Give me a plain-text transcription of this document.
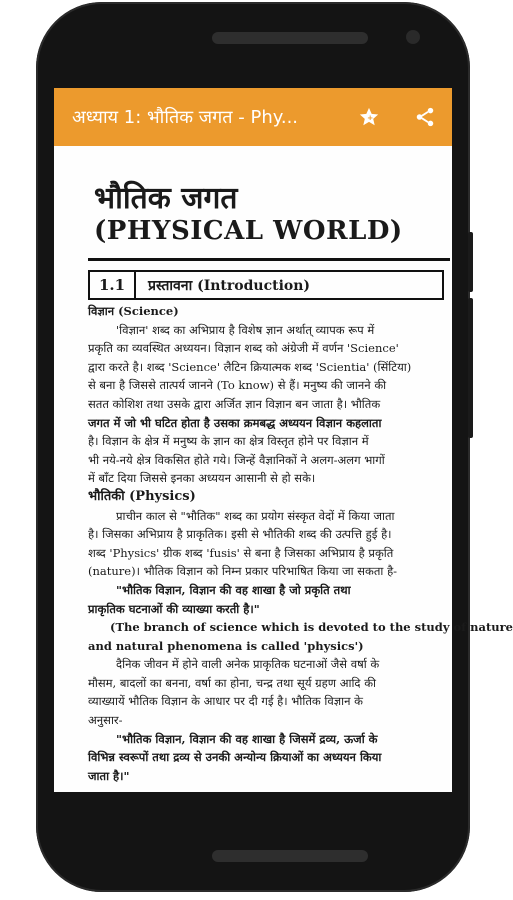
अध्याय 1: भौतिक जगत - Phy...	+
भौतिक जगत
(PHYSICAL WORLD)
1.1	प्रस्तावना (Introduction)

विज्ञान (Science)

'विज्ञान' शब्द का अभिप्राय है विशेष ज्ञान अर्थात् व्यापक रूप में

प्रकृति का व्यवस्थित अध्ययन। विज्ञान शब्द को अंग्रेजी में वर्णन 'Science'

द्वारा करते है। शब्द 'Science' लैटिन क्रियात्मक शब्द 'Scientia' (सिंटिया)

से बना है जिससे तात्पर्य जानने (To know) से हैं। मनुष्य की जानने की

सतत कोशिश तथा उसके द्वारा अर्जित ज्ञान विज्ञान बन जाता है। भौतिक

जगत में जो भी घटित होता है उसका क्रमबद्ध अध्ययन विज्ञान कहलाता

है। विज्ञान के क्षेत्र में मनुष्य के ज्ञान का क्षेत्र विस्तृत होने पर विज्ञान में

भी नये-नये क्षेत्र विकसित होते गये। जिन्हें वैज्ञानिकों ने अलग-अलग भागों

में बाँट दिया जिससे इनका अध्ययन आसानी से हो सके।

भौतिकी (Physics)

प्राचीन काल से "भौतिक" शब्द का प्रयोग संस्कृत वेदों में किया जाता

है। जिसका अभिप्राय है प्राकृतिक। इसी से भौतिकी शब्द की उत्पत्ति हुई है।

शब्द 'Physics' ग्रीक शब्द 'fusis' से बना है जिसका अभिप्राय है प्रकृति

(nature)। भौतिक विज्ञान को निम्न प्रकार परिभाषित किया जा सकता है-

"भौतिक विज्ञान, विज्ञान की वह शाखा है जो प्रकृति तथा

प्राकृतिक घटनाओं की व्याख्या करती है।"

(The branch of science which is devoted to the study of nature

and natural phenomena is called 'physics')

दैनिक जीवन में होने वाली अनेक प्राकृतिक घटनाओं जैसे वर्षा के

मौसम, बादलों का बनना, वर्षा का होना, चन्द्र तथा सूर्य ग्रहण आदि की

व्याख्यायें भौतिक विज्ञान के आधार पर दी गई है। भौतिक विज्ञान के

अनुसार-

"भौतिक विज्ञान, विज्ञान की वह शाखा है जिसमें द्रव्य, ऊर्जा के

विभिन्न स्वरूपों तथा द्रव्य से उनकी अन्योन्य क्रियाओं का अध्ययन किया

जाता है।"
